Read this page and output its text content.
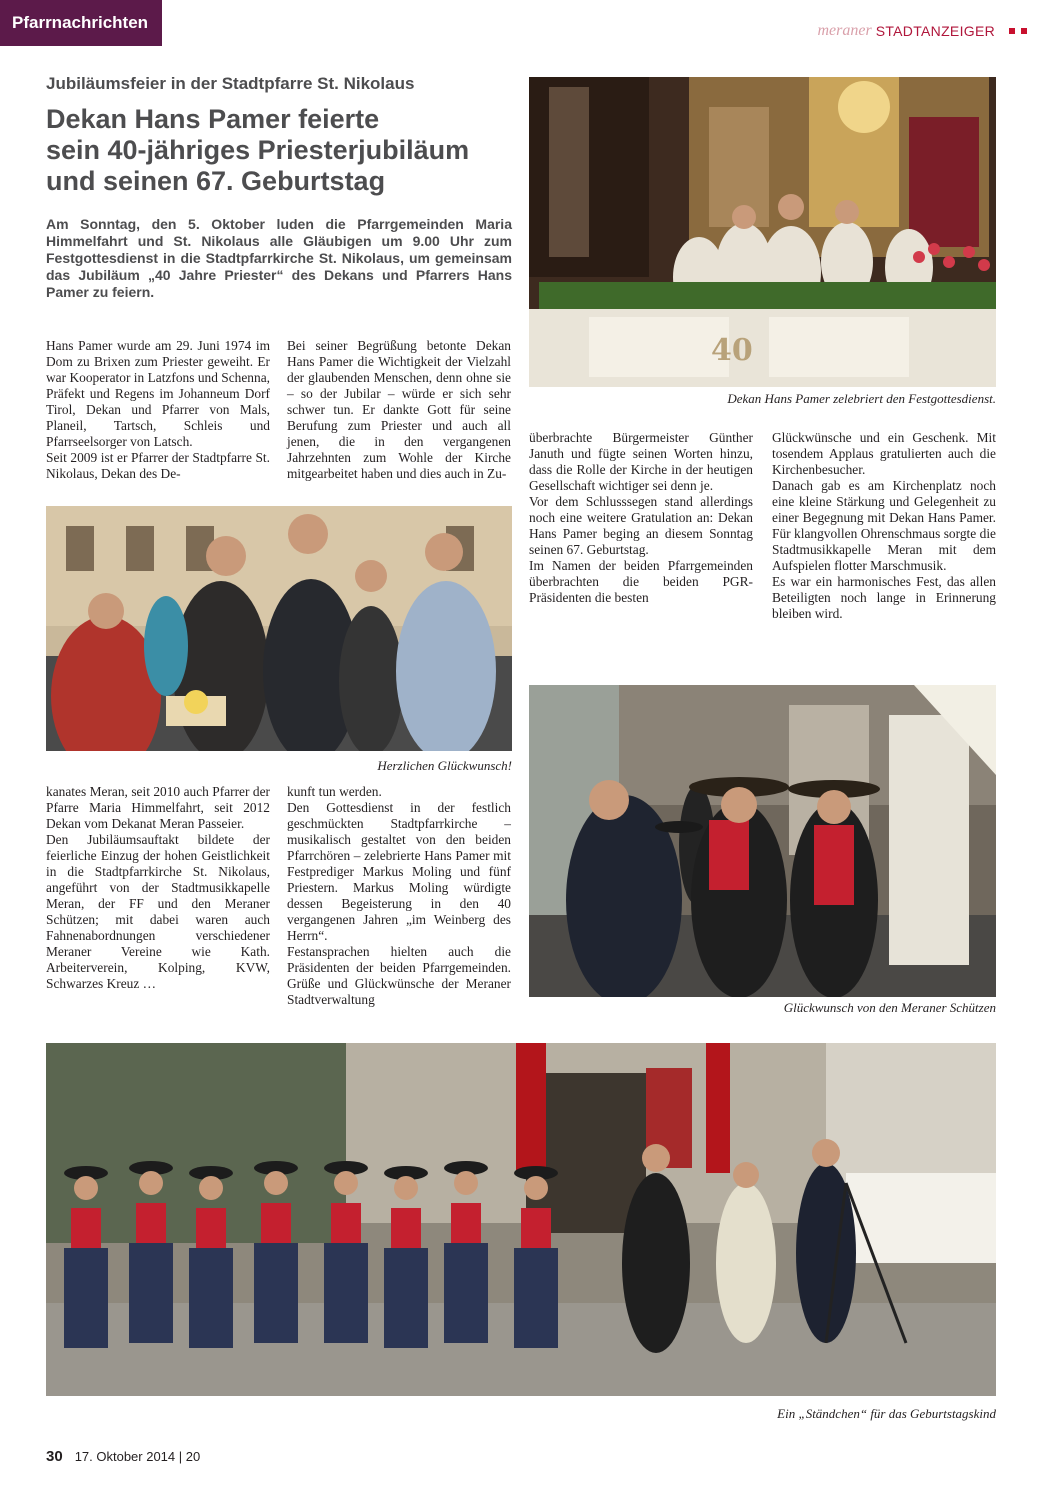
Pfarrnachrichten	meraner STADTANZEIGER
Jubiläumsfeier in der Stadtpfarre St. Nikolaus
Dekan Hans Pamer feierte
sein 40-jähriges Priesterjubiläum
und seinen 67. Geburtstag

Am Sonntag, den 5. Oktober luden die Pfarrgemeinden Maria Himmelfahrt und St. Nikolaus alle Gläubigen um 9.00 Uhr zum Festgottesdienst in die Stadtpfarrkirche St. Nikolaus, um gemeinsam das Jubiläum „40 Jahre Priester“ des Dekans und Pfarrers Hans Pamer zu feiern.

Hans Pamer wurde am 29. Juni 1974 im Dom zu Brixen zum Priester geweiht. Er war Kooperator in Latzfons und Schenna, Präfekt und Regens im Johanneum Dorf Tirol, Dekan und Pfarrer von Mals, Planeil, Tartsch, Schleis und Pfarrseelsorger von Latsch.

Seit 2009 ist er Pfarrer der Stadtpfarre St. Nikolaus, Dekan des De-

Bei seiner Begrüßung betonte Dekan Hans Pamer die Wichtigkeit der Vielzahl der glaubenden Menschen, denn ohne sie – so der Jubilar – würde er sich sehr schwer tun. Er dankte Gott für seine Berufung zum Priester und auch all jenen, die in den vergangenen Jahrzehnten zum Wohle der Kirche mitgearbeitet haben und dies auch in Zu-

40
Dekan Hans Pamer zelebriert den Festgottesdienst.
Herzlichen Glückwunsch!

kanates Meran, seit 2010 auch Pfarrer der Pfarre Maria Himmelfahrt, seit 2012 Dekan vom Dekanat Meran Passeier.

Den Jubiläumsauftakt bildete der feierliche Einzug der hohen Geistlichkeit in die Stadtpfarrkirche St. Nikolaus, angeführt von der Stadtmusikkapelle Meran, der FF und den Meraner Schützen; mit dabei waren auch Fahnenabordnungen verschiedener Meraner Vereine wie Kath. Arbeiterverein, Kolping, KVW, Schwarzes Kreuz …

kunft tun werden.

Den Gottesdienst in der festlich geschmückten Stadtpfarrkirche – musikalisch gestaltet von den beiden Pfarrchören – zelebrierte Hans Pamer mit Festprediger Markus Moling und fünf Priestern. Markus Moling würdigte dessen Begeisterung in den 40 vergangenen Jahren „im Weinberg des Herrn“.

Festansprachen hielten auch die Präsidenten der beiden Pfarrgemeinden. Grüße und Glückwünsche der Meraner Stadtverwaltung

überbrachte Bürgermeister Günther Januth und fügte seinen Worten hinzu, dass die Rolle der Kirche in der heutigen Gesellschaft wichtiger sei denn je.

Vor dem Schlusssegen stand allerdings noch eine weitere Gratulation an: Dekan Hans Pamer beging an diesem Sonntag seinen 67. Geburtstag.

Im Namen der beiden Pfarrgemeinden überbrachten die beiden PGR-Präsidenten die besten

Glückwünsche und ein Geschenk. Mit tosendem Applaus gratulierten auch die Kirchenbesucher.

Danach gab es am Kirchenplatz noch eine kleine Stärkung und Gelegenheit zu einer Begegnung mit Dekan Hans Pamer. Für klangvollen Ohrenschmaus sorgte die Stadtmusikkapelle Meran mit dem Aufspielen flotter Marschmusik.

Es war ein harmonisches Fest, das allen Beteiligten noch lange in Erinnerung bleiben wird.

Glückwunsch von den Meraner Schützen
Ein „Ständchen“ für das Geburtstagskind
30 17. Oktober 2014 | 20
